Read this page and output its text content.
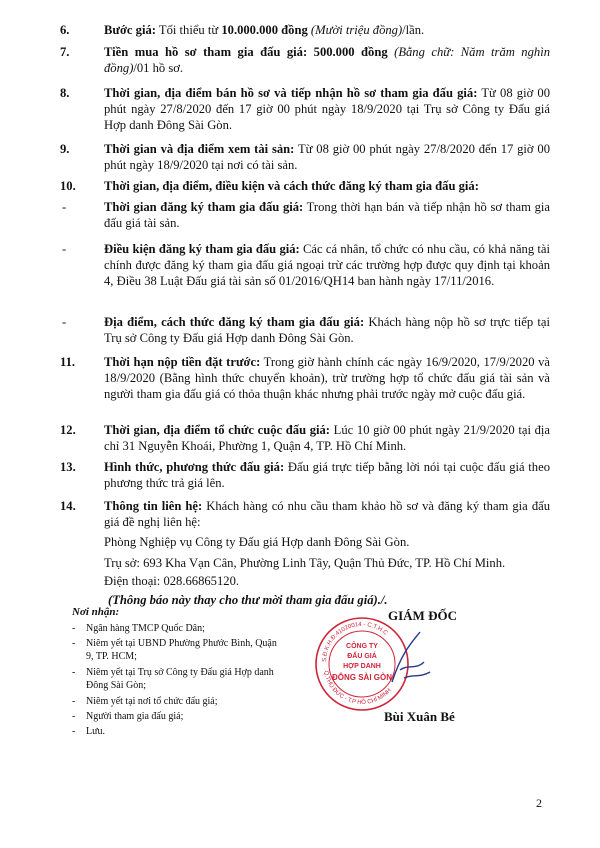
6.	Bước giá: Tối thiểu từ 10.000.000 đồng (Mười triệu đồng)/lần.
7.	Tiền mua hồ sơ tham gia đấu giá: 500.000 đồng (Bằng chữ: Năm trăm nghìn đồng)/01 hồ sơ.
8.	Thời gian, địa điểm bán hồ sơ và tiếp nhận hồ sơ tham gia đấu giá: Từ 08 giờ 00 phút ngày 27/8/2020 đến 17 giờ 00 phút ngày 18/9/2020 tại Trụ sở Công ty Đấu giá Hợp danh Đông Sài Gòn.
9.	Thời gian và địa điểm xem tài sản: Từ 08 giờ 00 phút ngày 27/8/2020 đến 17 giờ 00 phút ngày 18/9/2020 tại nơi có tài sản.
10. Thời gian, địa điểm, điều kiện và cách thức đăng ký tham gia đấu giá:
-	Thời gian đăng ký tham gia đấu giá: Trong thời hạn bán và tiếp nhận hồ sơ tham gia đấu giá tài sản.
-	Điều kiện đăng ký tham gia đấu giá: Các cá nhân, tổ chức có nhu cầu, có khả năng tài chính được đăng ký tham gia đấu giá ngoại trừ các trường hợp được quy định tại khoản 4, Điều 38 Luật Đấu giá tài sản số 01/2016/QH14 ban hành ngày 17/11/2016.
-	Địa điểm, cách thức đăng ký tham gia đấu giá: Khách hàng nộp hồ sơ trực tiếp tại Trụ sở Công ty Đấu giá Hợp danh Đông Sài Gòn.
11. Thời hạn nộp tiền đặt trước: Trong giờ hành chính các ngày 16/9/2020, 17/9/2020 và 18/9/2020 (Bằng hình thức chuyển khoản), trừ trường hợp tổ chức đấu giá tài sản và người tham gia đấu giá có thỏa thuận khác nhưng phải trước ngày mở cuộc đấu giá.
12. Thời gian, địa điểm tổ chức cuộc đấu giá: Lúc 10 giờ 00 phút ngày 21/9/2020 tại địa chỉ 31 Nguyễn Khoái, Phường 1, Quận 4, TP. Hồ Chí Minh.
13. Hình thức, phương thức đấu giá: Đấu giá trực tiếp bằng lời nói tại cuộc đấu giá theo phương thức trả giá lên.
14. Thông tin liên hệ: Khách hàng có nhu cầu tham khảo hồ sơ và đăng ký tham gia đấu giá đề nghị liên hệ:
Phòng Nghiệp vụ Công ty Đấu giá Hợp danh Đông Sài Gòn.
Trụ sở: 693 Kha Vạn Cân, Phường Linh Tây, Quận Thủ Đức, TP. Hồ Chí Minh.
Điện thoại: 028.66865120.
(Thông báo này thay cho thư mời tham gia đấu giá)./.
Nơi nhận:
- Ngân hàng TMCP Quốc Dân;
- Niêm yết tại UBND Phường Phước Bình, Quận 9, TP. HCM;
- Niêm yết tại Trụ sở Công ty Đấu giá Hợp danh Đông Sài Gòn;
- Niêm yết tại nơi tổ chức đấu giá;
- Người tham gia đấu giá;
- Lưu.
GIÁM ĐỐC
S.Đ.K.H.Đ:41020014 - C.T.H.C
Q.THỦ ĐỨC - T.P HỒ CHÍ MINH
CÔNG TY
ĐẤU GIÁ
HỢP DANH
ĐÔNG SÀI GÒN
Bùi Xuân Bé
2
